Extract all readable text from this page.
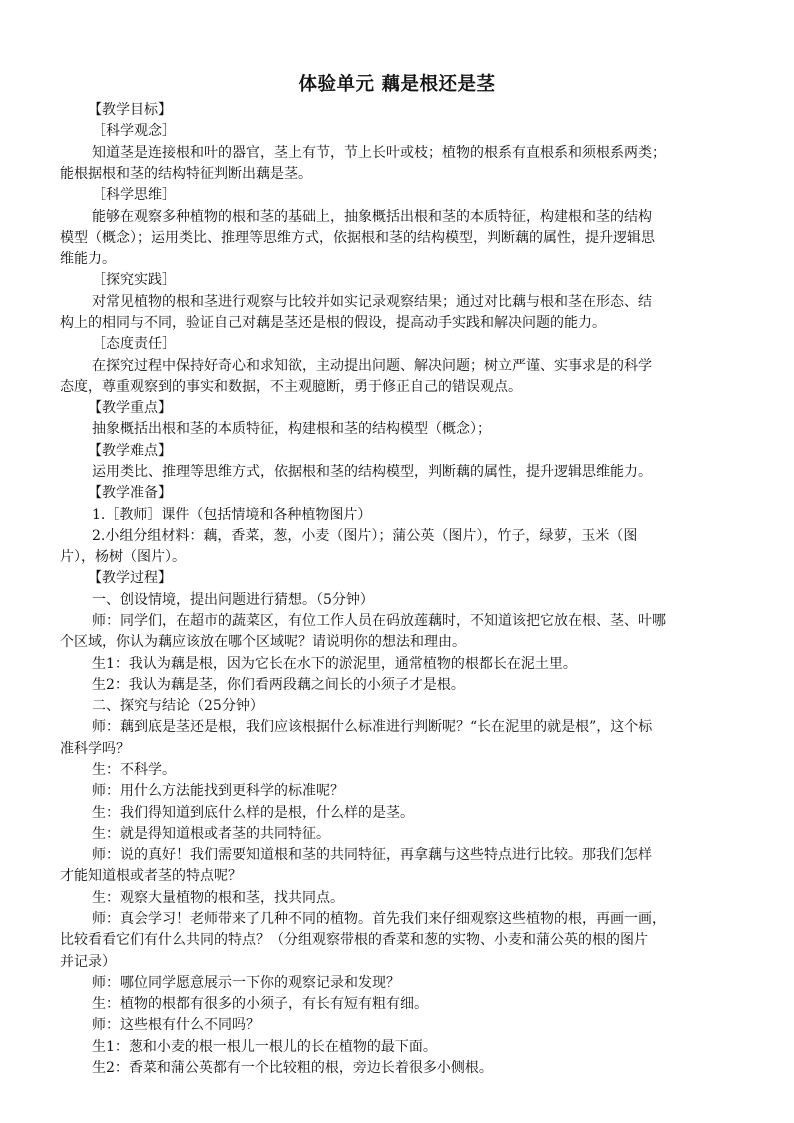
体验单元 藕是根还是茎
【教学目标】
［科学观念］
知道茎是连接根和叶的器官，茎上有节，节上长叶或枝；植物的根系有直根系和须根系两类；
能根据根和茎的结构特征判断出藕是茎。
［科学思维］
能够在观察多种植物的根和茎的基础上，抽象概括出根和茎的本质特征，构建根和茎的结构
模型（概念）；运用类比、推理等思维方式，依据根和茎的结构模型，判断藕的属性，提升逻辑思
维能力。
［探究实践］
对常见植物的根和茎进行观察与比较并如实记录观察结果；通过对比藕与根和茎在形态、结
构上的相同与不同，验证自己对藕是茎还是根的假设，提高动手实践和解决问题的能力。
［态度责任］
在探究过程中保持好奇心和求知欲，主动提出问题、解决问题；树立严谨、实事求是的科学
态度，尊重观察到的事实和数据，不主观臆断，勇于修正自己的错误观点。
【教学重点】
抽象概括出根和茎的本质特征，构建根和茎的结构模型（概念）；
【教学难点】
运用类比、推理等思维方式，依据根和茎的结构模型，判断藕的属性，提升逻辑思维能力。
【教学准备】
1.［教师］课件（包括情境和各种植物图片）
2.小组分组材料：藕，香菜，葱，小麦（图片）；蒲公英（图片），竹子，绿萝，玉米（图
片），杨树（图片）。
【教学过程】
一、创设情境，提出问题进行猜想。（5分钟）
师：同学们，在超市的蔬菜区，有位工作人员在码放莲藕时，不知道该把它放在根、茎、叶哪
个区域，你认为藕应该放在哪个区域呢？请说明你的想法和理由。
生1：我认为藕是根，因为它长在水下的淤泥里，通常植物的根都长在泥土里。
生2：我认为藕是茎，你们看两段藕之间长的小须子才是根。
二、探究与结论（25分钟）
师：藕到底是茎还是根，我们应该根据什么标准进行判断呢？“长在泥里的就是根”，这个标
准科学吗？
生：不科学。
师：用什么方法能找到更科学的标准呢？
生：我们得知道到底什么样的是根，什么样的是茎。
生：就是得知道根或者茎的共同特征。
师：说的真好！我们需要知道根和茎的共同特征，再拿藕与这些特点进行比较。那我们怎样
才能知道根或者茎的特点呢？
生：观察大量植物的根和茎，找共同点。
师：真会学习！老师带来了几种不同的植物。首先我们来仔细观察这些植物的根，再画一画，
比较看看它们有什么共同的特点？（分组观察带根的香菜和葱的实物、小麦和蒲公英的根的图片
并记录）
师：哪位同学愿意展示一下你的观察记录和发现？
生：植物的根都有很多的小须子，有长有短有粗有细。
师：这些根有什么不同吗？
生1：葱和小麦的根一根儿一根儿的长在植物的最下面。
生2：香菜和蒲公英都有一个比较粗的根，旁边长着很多小侧根。
